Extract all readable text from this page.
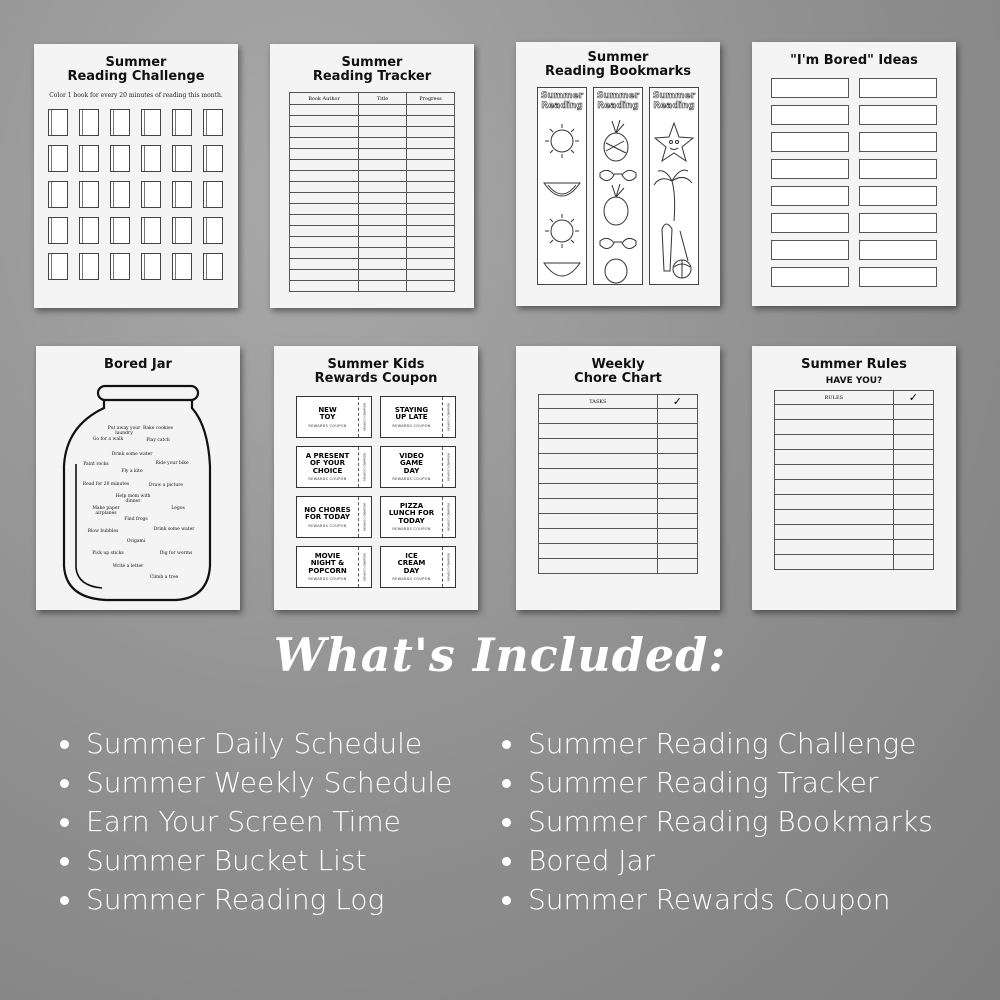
Summer
Reading Challenge
Color 1 book for every 20 minutes of reading this month.
Summer
Reading Tracker
Book Author	Title	Progress

Summer
Reading Bookmarks
Summer
Reading
Summer
Reading
Summer
Reading
"I'm Bored" Ideas
Bored Jar
Put away your
laundry
Bake cookies
Go for a walk	Play catch
Drink some water
Paint rocks	Ride your bike
Fly a kite
Read for 20 minutes	Draw a picture
Help mom with
dinner
Make paper airplanes
Legos
Find frogs
Blow bubbles	Drink some water
Origami
Pick up sticks	Dig for worms
Write a letter
Climb a tree
Summer Kids
Rewards Coupon
NEW
TOY
REWARDS COUPON	REWARD COUPON	STAYING
UP LATE
REWARDS COUPON	REWARD COUPON
A PRESENT
OF YOUR
CHOICE
REWARDS COUPON	REWARD COUPON	VIDEO
GAME
DAY
REWARDS COUPON	REWARD COUPON
NO CHORES
FOR TODAY
REWARDS COUPON	REWARD COUPON	PIZZA
LUNCH FOR
TODAY
REWARDS COUPON	REWARD COUPON
MOVIE
NIGHT &
POPCORN
REWARDS COUPON	REWARD COUPON	ICE
CREAM
DAY
REWARDS COUPON	REWARD COUPON
Weekly
Chore Chart
TASKS	✓

Summer Rules
HAVE YOU?
RULES	✓

What's Included:
Summer Daily Schedule
Summer Weekly Schedule
Earn Your Screen Time
Summer Bucket List
Summer Reading Log
Summer Reading Challenge
Summer Reading Tracker
Summer Reading Bookmarks
Bored Jar
Summer Rewards Coupon
